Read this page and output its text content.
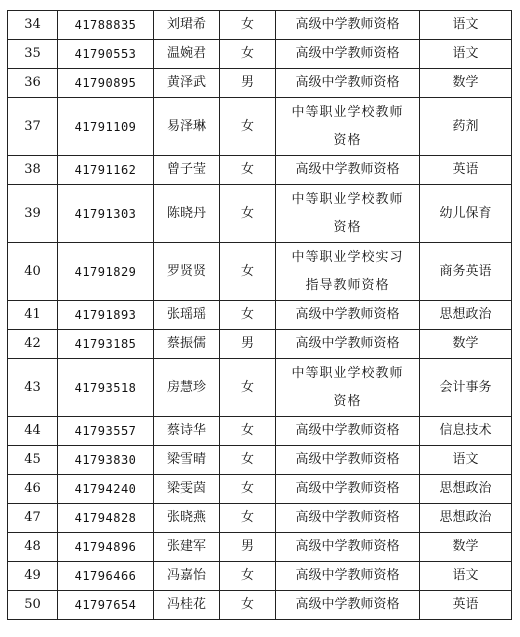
34	41788835	刘珺希	女	高级中学教师资格	语文
35	41790553	温婉君	女	高级中学教师资格	语文
36	41790895	黄泽武	男	高级中学教师资格	数学
37	41791109	易泽琳	女	中等职业学校教师资格	药剂
38	41791162	曾子莹	女	高级中学教师资格	英语
39	41791303	陈晓丹	女	中等职业学校教师资格	幼儿保育
40	41791829	罗贤贤	女	中等职业学校实习指导教师资格	商务英语
41	41791893	张瑶瑶	女	高级中学教师资格	思想政治
42	41793185	蔡振儒	男	高级中学教师资格	数学
43	41793518	房慧珍	女	中等职业学校教师资格	会计事务
44	41793557	蔡诗华	女	高级中学教师资格	信息技术
45	41793830	梁雪晴	女	高级中学教师资格	语文
46	41794240	梁雯茵	女	高级中学教师资格	思想政治
47	41794828	张晓燕	女	高级中学教师资格	思想政治
48	41794896	张建军	男	高级中学教师资格	数学
49	41796466	冯嘉怡	女	高级中学教师资格	语文
50	41797654	冯桂花	女	高级中学教师资格	英语
